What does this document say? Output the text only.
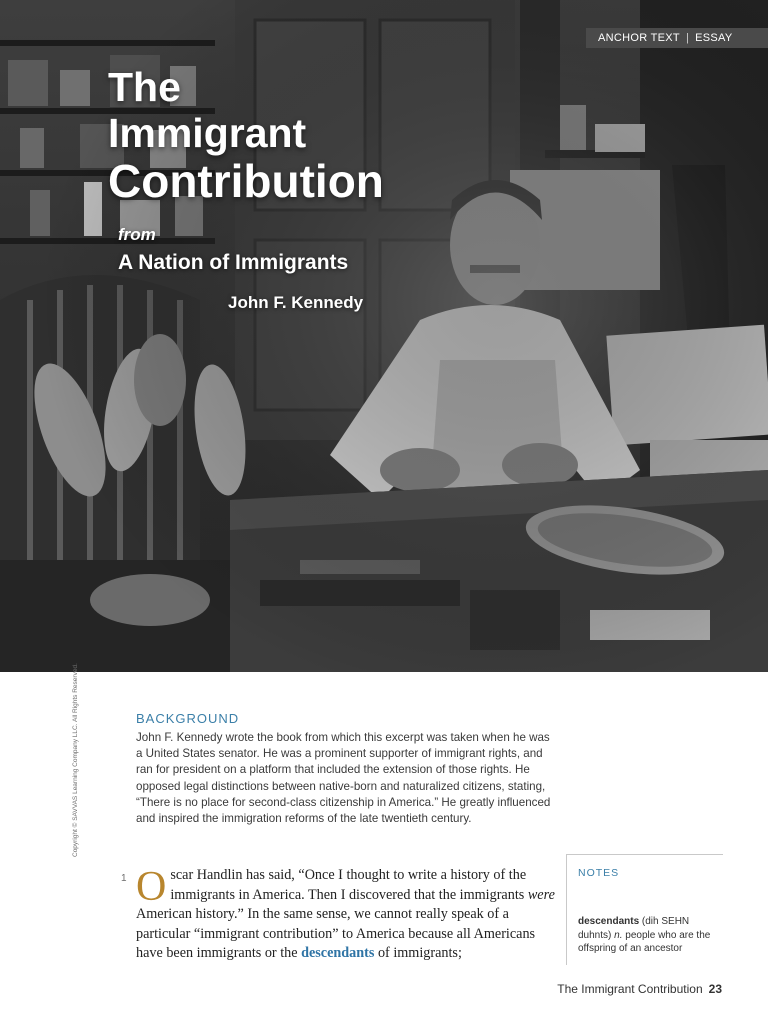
ANCHOR TEXT | ESSAY
The
Immigrant
Contribution
from
A Nation of Immigrants
John F. Kennedy
Copyright © SAVVAS Learning Company LLC. All Rights Reserved.	BACKGROUND

John F. Kennedy wrote the book from which this excerpt was taken when he was a United States senator. He was a prominent supporter of immigrant rights, and ran for president on a platform that included the extension of those rights. He opposed legal distinctions between native-born and naturalized citizens, stating, “There is no place for second-class citizenship in America.” He greatly influenced and inspired the immigration reforms of the late twentieth century.

1 Oscar Handlin has said, “Once I thought to write a history of the immigrants in America. Then I discovered that the immigrants were American history.” In the same sense, we cannot really speak of a particular “immigrant contribution” to America because all Americans have been immigrants or the descendants of immigrants;

NOTES

descendants (dih SEHN duhnts) n. people who are the offspring of an ancestor

The Immigrant Contribution 23
